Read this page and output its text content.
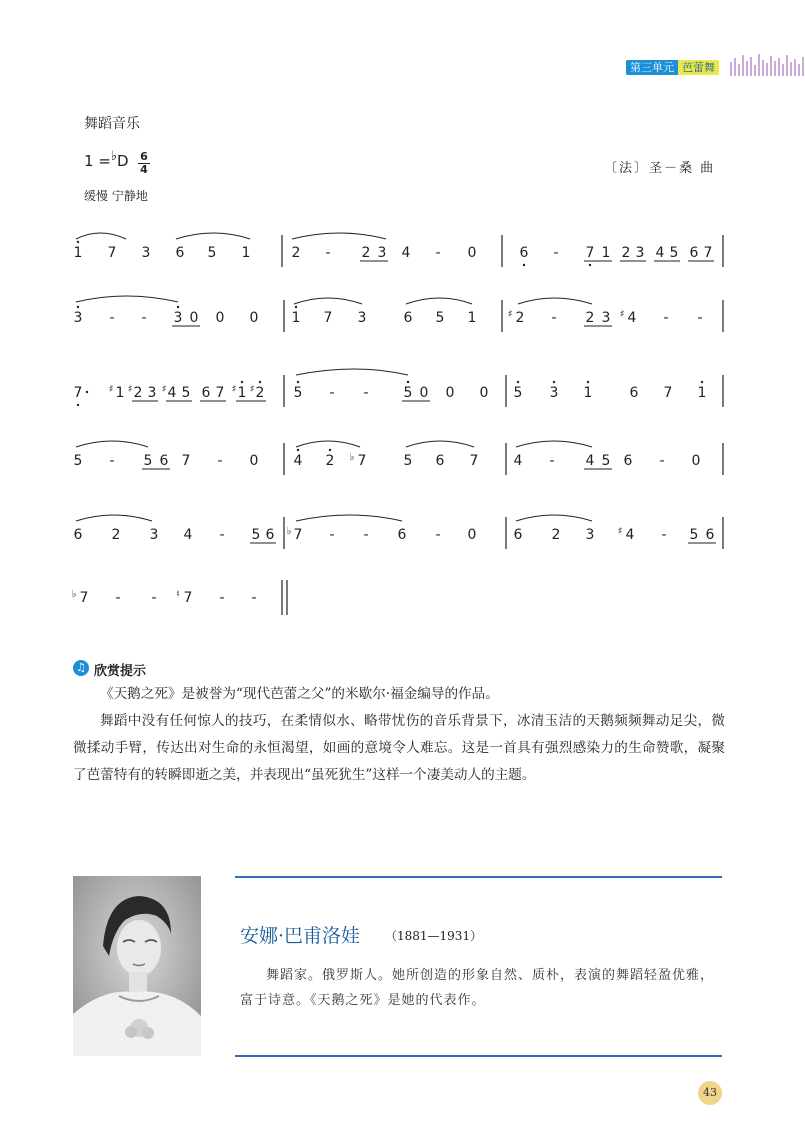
第三单元 芭蕾舞
舞蹈音乐
1 =♭D 6
4	〔法〕圣－桑 曲
缓慢 宁静地
1 7 3 6 5 1	2 - 2 3 4 - 0	6 - 7 1 2 3 4 5 6 7
3 - - 3 0 0 0 1 7 3	6 5 1	♯ 2 - 2 3 ♯ 4 - -
7	♯ 1 ♯ 2 3 ♯ 4 5 6 7 ♯ 1 ♯ 2 5 - -	5 0 0 0 5 3 1	6 7 1
5 - 5 6 7 - 0	4 2 ♭ 7	5 6 7	4 - 4 5 6 - 0
6 2 3 4 - 5 6 ♭ 7 - - 6 - 0	6 2 3 ♯ 4 - 5 6
♭ 7 - - ♮ 7 - -
♫ 欣赏提示
《天鹅之死》是被誉为“现代芭蕾之父”的米歇尔·福金编导的作品。
舞蹈中没有任何惊人的技巧，在柔情似水、略带忧伤的音乐背景下，冰清玉洁的天鹅频频舞动足尖，微微揉动手臂，传达出对生命的永恒渴望，如画的意境令人难忘。这是一首具有强烈感染力的生命赞歌，凝聚了芭蕾特有的转瞬即逝之美，并表现出“虽死犹生”这样一个凄美动人的主题。
安娜·巴甫洛娃 （1881—1931）
舞蹈家。俄罗斯人。她所创造的形象自然、质朴，表演的舞蹈轻盈优雅，富于诗意。《天鹅之死》是她的代表作。
43
